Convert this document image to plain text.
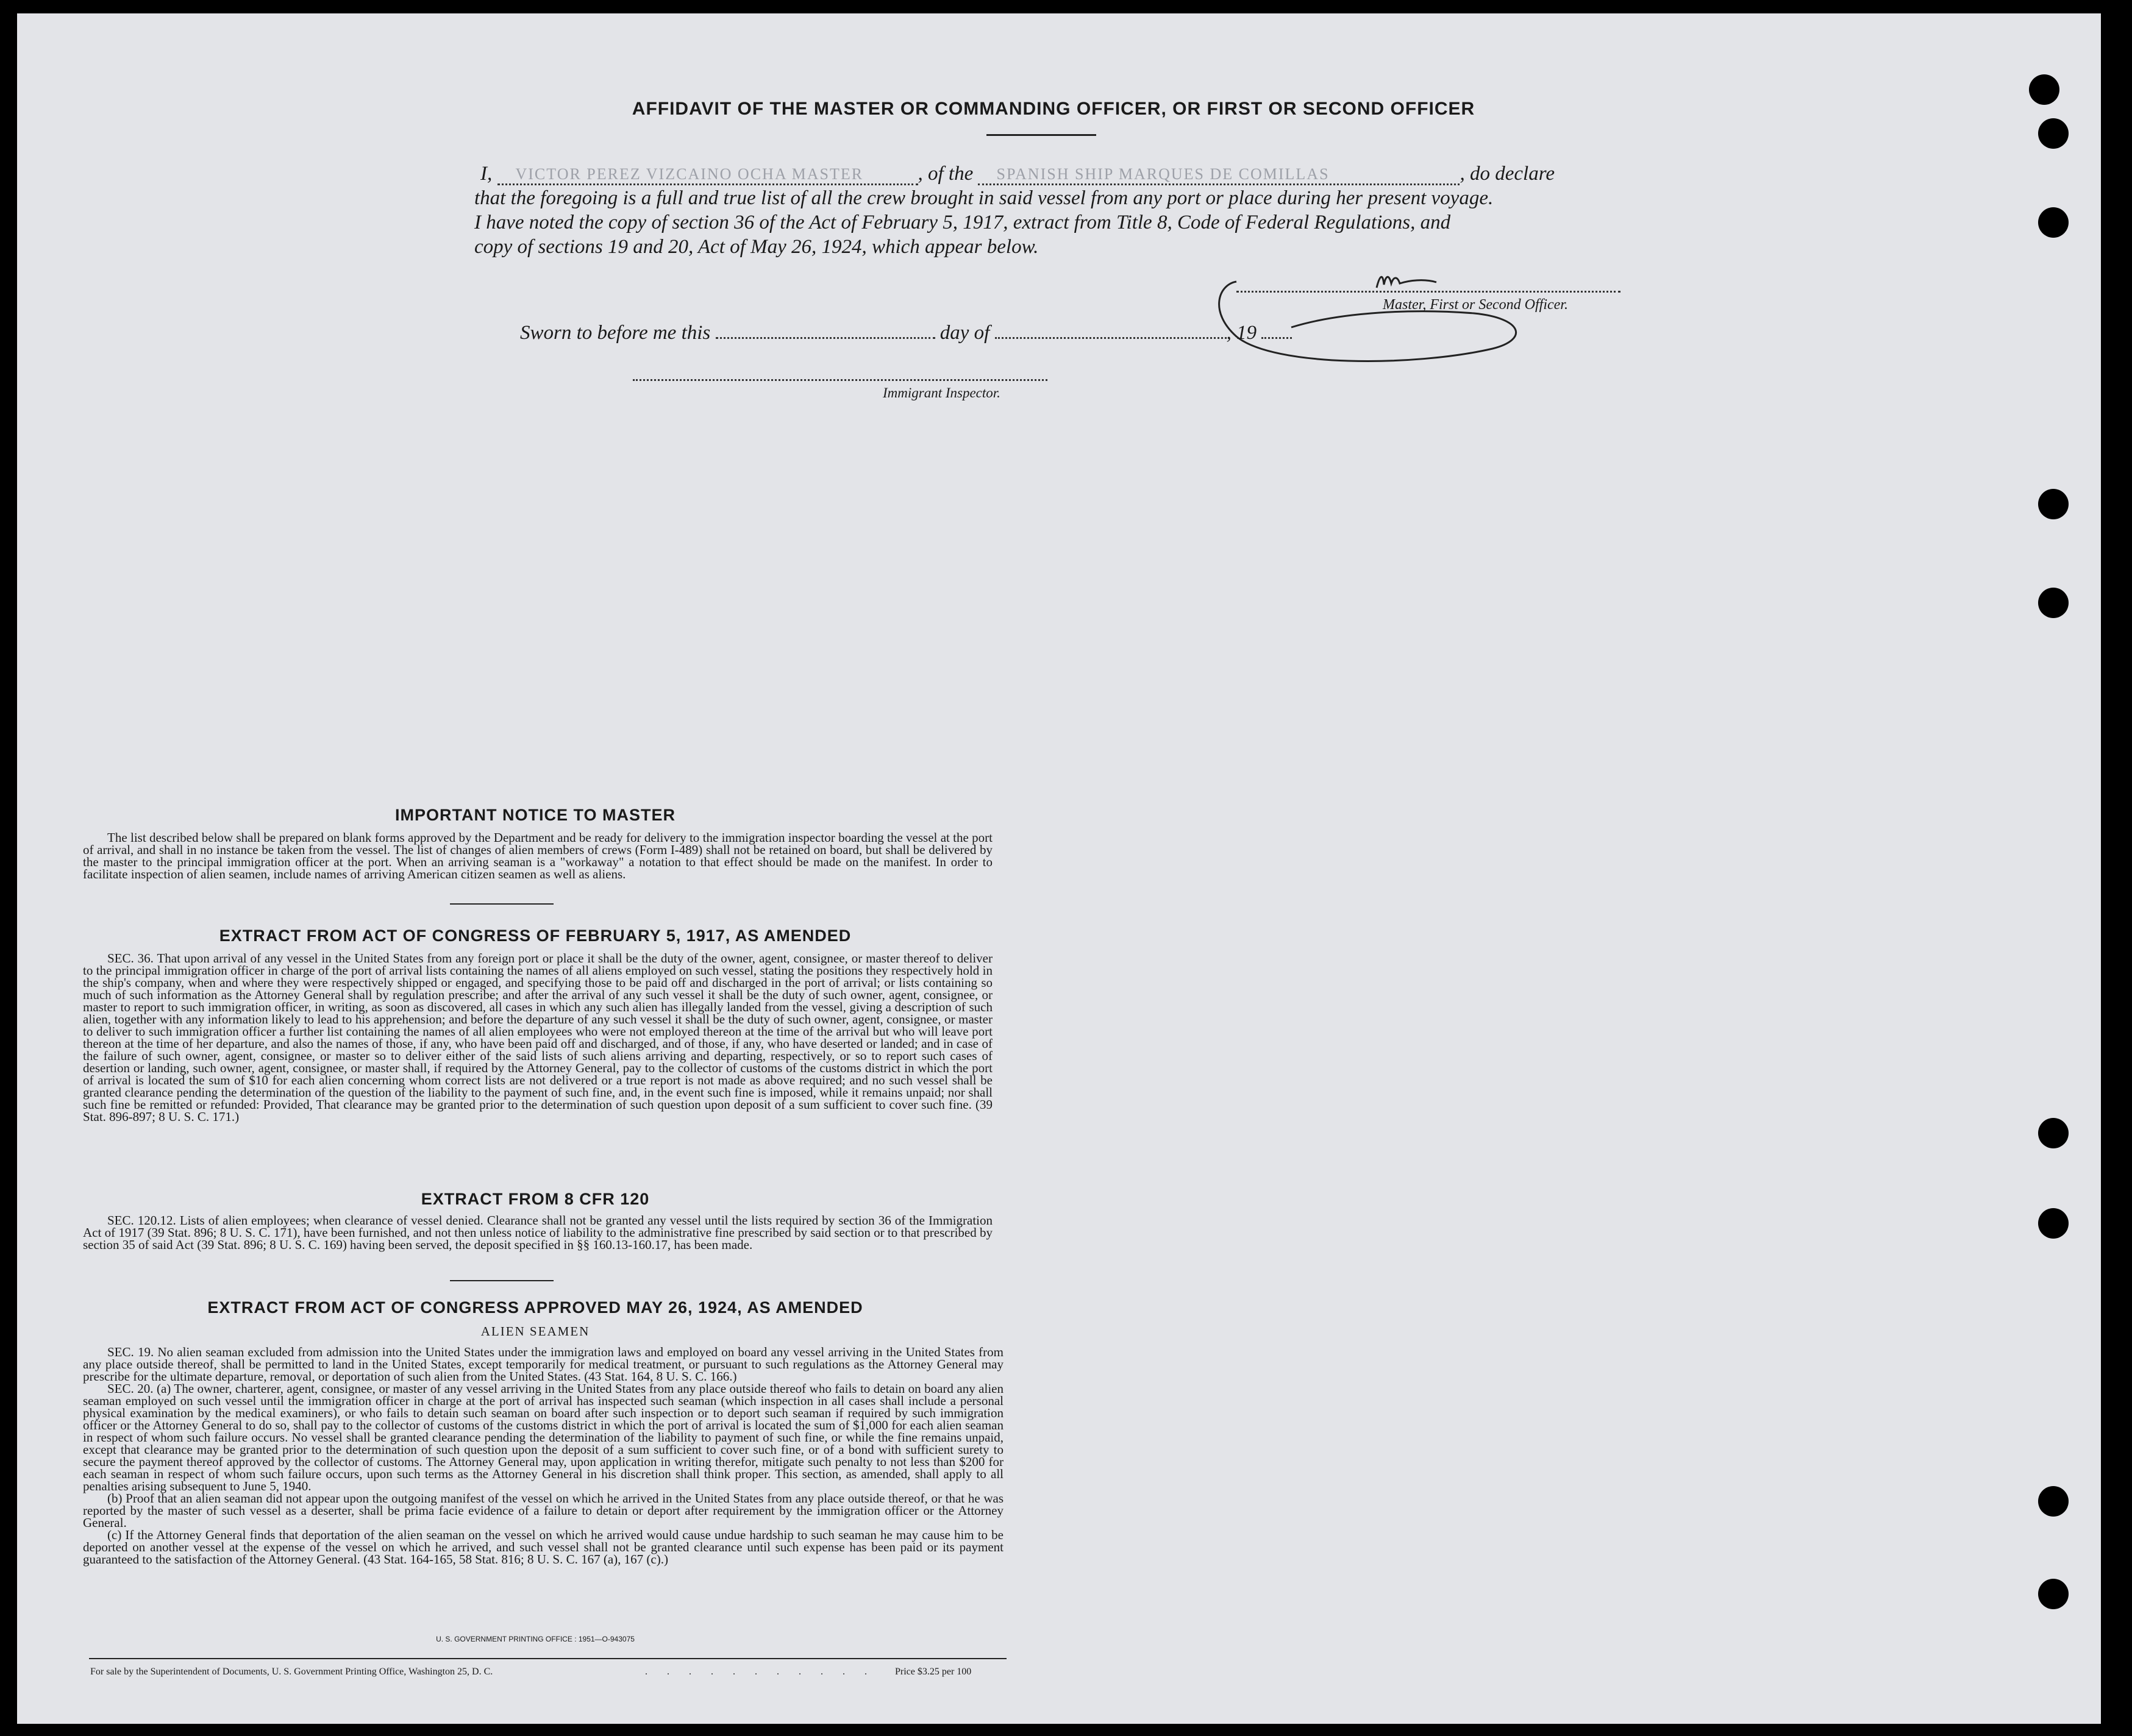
AFFIDAVIT OF THE MASTER OR COMMANDING OFFICER, OR FIRST OR SECOND OFFICER
I, VICTOR PEREZ VIZCAINO OCHA MASTER	, of the SPANISH SHIP MARQUES DE COMILLAS	, do declare
that the foregoing is a full and true list of all the crew brought in said vessel from any port or place during her present voyage.
I have noted the copy of section 36 of the Act of February 5, 1917, extract from Title 8, Code of Federal Regulations, and
copy of sections 19 and 20, Act of May 26, 1924, which appear below.
Master, First or Second Officer.
Sworn to before me this	day of	, 19
Immigrant Inspector.
IMPORTANT NOTICE TO MASTER

The list described below shall be prepared on blank forms approved by the Department and be ready for delivery to the immigration inspector boarding the vessel at the port of arrival, and shall in no instance be taken from the vessel. The list of changes of alien members of crews (Form I-489) shall not be retained on board, but shall be delivered by the master to the principal immigration officer at the port. When an arriving seaman is a "workaway" a notation to that effect should be made on the manifest. In order to facilitate inspection of alien seamen, include names of arriving American citizen seamen as well as aliens.

EXTRACT FROM ACT OF CONGRESS OF FEBRUARY 5, 1917, AS AMENDED

SEC. 36. That upon arrival of any vessel in the United States from any foreign port or place it shall be the duty of the owner, agent, consignee, or master thereof to deliver to the principal immigration officer in charge of the port of arrival lists containing the names of all aliens employed on such vessel, stating the positions they respectively hold in the ship's company, when and where they were respectively shipped or engaged, and specifying those to be paid off and discharged in the port of arrival; or lists containing so much of such information as the Attorney General shall by regulation prescribe; and after the arrival of any such vessel it shall be the duty of such owner, agent, consignee, or master to report to such immigration officer, in writing, as soon as discovered, all cases in which any such alien has illegally landed from the vessel, giving a description of such alien, together with any information likely to lead to his apprehension; and before the departure of any such vessel it shall be the duty of such owner, agent, consignee, or master to deliver to such immigration officer a further list containing the names of all alien employees who were not employed thereon at the time of the arrival but who will leave port thereon at the time of her departure, and also the names of those, if any, who have been paid off and discharged, and of those, if any, who have deserted or landed; and in case of the failure of such owner, agent, consignee, or master so to deliver either of the said lists of such aliens arriving and departing, respectively, or so to report such cases of desertion or landing, such owner, agent, consignee, or master shall, if required by the Attorney General, pay to the collector of customs of the customs district in which the port of arrival is located the sum of $10 for each alien concerning whom correct lists are not delivered or a true report is not made as above required; and no such vessel shall be granted clearance pending the determination of the question of the liability to the payment of such fine, and, in the event such fine is imposed, while it remains unpaid; nor shall such fine be remitted or refunded: Provided, That clearance may be granted prior to the determination of such question upon deposit of a sum sufficient to cover such fine. (39 Stat. 896-897; 8 U. S. C. 171.)

EXTRACT FROM 8 CFR 120

SEC. 120.12. Lists of alien employees; when clearance of vessel denied. Clearance shall not be granted any vessel until the lists required by section 36 of the Immigration Act of 1917 (39 Stat. 896; 8 U. S. C. 171), have been furnished, and not then unless notice of liability to the administrative fine prescribed by said section or to that prescribed by section 35 of said Act (39 Stat. 896; 8 U. S. C. 169) having been served, the deposit specified in §§ 160.13-160.17, has been made.

EXTRACT FROM ACT OF CONGRESS APPROVED MAY 26, 1924, AS AMENDED
ALIEN SEAMEN

SEC. 19. No alien seaman excluded from admission into the United States under the immigration laws and employed on board any vessel arriving in the United States from any place outside thereof, shall be permitted to land in the United States, except temporarily for medical treatment, or pursuant to such regulations as the Attorney General may prescribe for the ultimate departure, removal, or deportation of such alien from the United States. (43 Stat. 164, 8 U. S. C. 166.)

SEC. 20. (a) The owner, charterer, agent, consignee, or master of any vessel arriving in the United States from any place outside thereof who fails to detain on board any alien seaman employed on such vessel until the immigration officer in charge at the port of arrival has inspected such seaman (which inspection in all cases shall include a personal physical examination by the medical examiners), or who fails to detain such seaman on board after such inspection or to deport such seaman if required by such immigration officer or the Attorney General to do so, shall pay to the collector of customs of the customs district in which the port of arrival is located the sum of $1,000 for each alien seaman in respect of whom such failure occurs. No vessel shall be granted clearance pending the determination of the liability to payment of such fine, or while the fine remains unpaid, except that clearance may be granted prior to the determination of such question upon the deposit of a sum sufficient to cover such fine, or of a bond with sufficient surety to secure the payment thereof approved by the collector of customs. The Attorney General may, upon application in writing therefor, mitigate such penalty to not less than $200 for each seaman in respect of whom such failure occurs, upon such terms as the Attorney General in his discretion shall think proper. This section, as amended, shall apply to all penalties arising subsequent to June 5, 1940.

(b) Proof that an alien seaman did not appear upon the outgoing manifest of the vessel on which he arrived in the United States from any place outside thereof, or that he was reported by the master of such vessel as a deserter, shall be prima facie evidence of a failure to detain or deport after requirement by the immigration officer or the Attorney General.

(c) If the Attorney General finds that deportation of the alien seaman on the vessel on which he arrived would cause undue hardship to such seaman he may cause him to be deported on another vessel at the expense of the vessel on which he arrived, and such vessel shall not be granted clearance until such expense has been paid or its payment guaranteed to the satisfaction of the Attorney General. (43 Stat. 164-165, 58 Stat. 816; 8 U. S. C. 167 (a), 167 (c).)

U. S. GOVERNMENT PRINTING OFFICE : 1951—O-943075
For sale by the Superintendent of Documents, U. S. Government Printing Office, Washington 25, D. C.	. . . . . . . . . . . Price $3.25 per 100
